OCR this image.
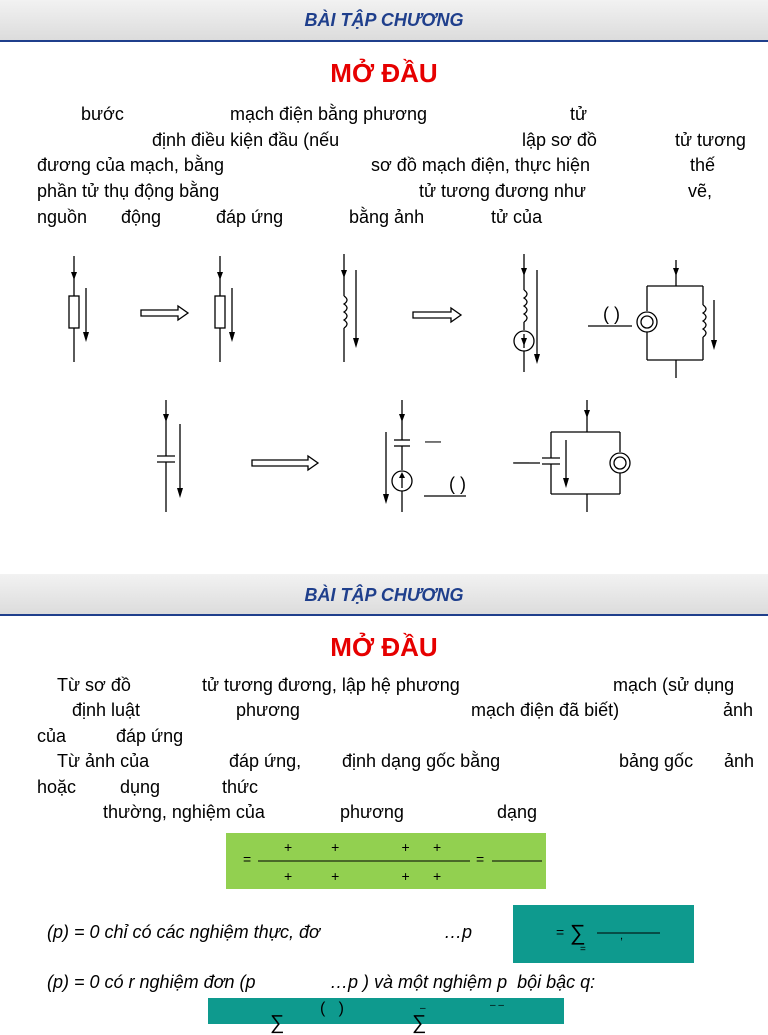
BÀI TẬP CHƯƠNG
MỞ ĐẦU
bước	mạch điện bằng phương	tử
định điều kiện đầu (nếu	lập sơ đồ	tử tương
đương của mạch, bằng	sơ đồ mạch điện, thực hiện	thế
phần tử thụ động bằng	tử tương đương như	vẽ,
nguồn động	đáp ứng	bằng ảnh	tử của
( )
—
( )
—
BÀI TẬP CHƯƠNG
MỞ ĐẦU
Từ sơ đồ	tử tương đương, lập hệ phương	mạch (sử dụng
định luật	phương	mạch điện đã biết)	ảnh
của	đáp ứng
Từ ảnh của	đáp ứng, định dạng gốc bằng	bảng gốc ảnh
hoặc dụng	thức
thường, nghiệm của	phương	dạng
=
+          +                +      +
+          +                +      +
=
(p) = 0 chỉ có các nghiệm thực, đơ	…p	= ∑
=
,
(p) = 0 có r nghiệm đơn (p	…p ) và một nghiệm p  bội bậc q:
∑
(   )	–
∑
– –
